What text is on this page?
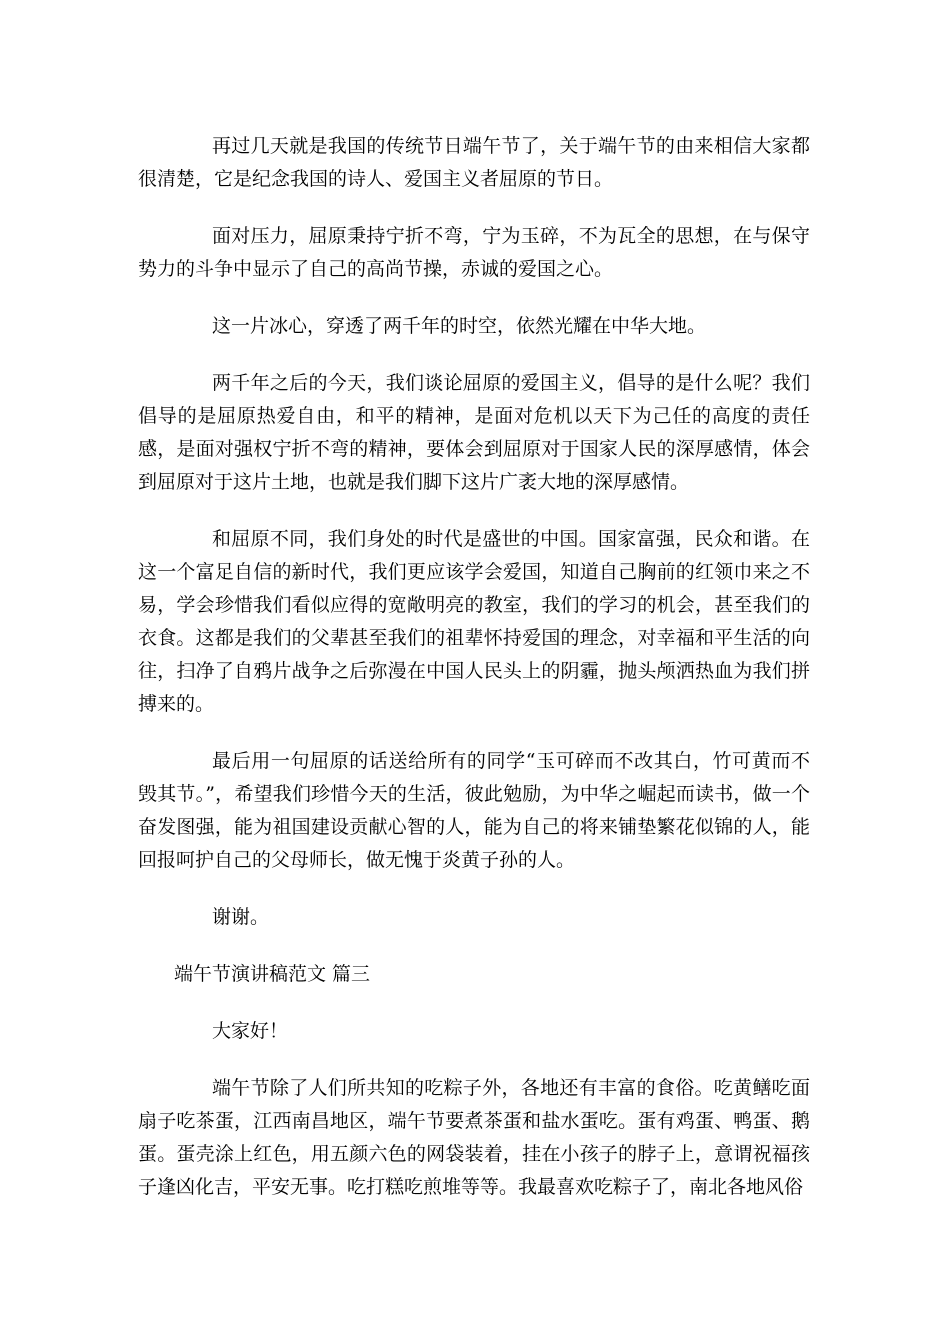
再过几天就是我国的传统节日端午节了，关于端午节的由来相信大家都很清楚，它是纪念我国的诗人、爱国主义者屈原的节日。

面对压力，屈原秉持宁折不弯，宁为玉碎，不为瓦全的思想，在与保守势力的斗争中显示了自己的高尚节操，赤诚的爱国之心。

这一片冰心，穿透了两千年的时空，依然光耀在中华大地。

两千年之后的今天，我们谈论屈原的爱国主义，倡导的是什么呢？我们倡导的是屈原热爱自由，和平的精神，是面对危机以天下为己任的高度的责任感，是面对强权宁折不弯的精神，要体会到屈原对于国家人民的深厚感情，体会到屈原对于这片土地，也就是我们脚下这片广袤大地的深厚感情。

和屈原不同，我们身处的时代是盛世的中国。国家富强，民众和谐。在这一个富足自信的新时代，我们更应该学会爱国，知道自己胸前的红领巾来之不易，学会珍惜我们看似应得的宽敞明亮的教室，我们的学习的机会，甚至我们的衣食。这都是我们的父辈甚至我们的祖辈怀持爱国的理念，对幸福和平生活的向往，扫净了自鸦片战争之后弥漫在中国人民头上的阴霾，抛头颅洒热血为我们拼搏来的。

最后用一句屈原的话送给所有的同学“玉可碎而不改其白，竹可黄而不毁其节。”，希望我们珍惜今天的生活，彼此勉励，为中华之崛起而读书，做一个奋发图强，能为祖国建设贡献心智的人，能为自己的将来铺垫繁花似锦的人，能回报呵护自己的父母师长，做无愧于炎黄子孙的人。

谢谢。

端午节演讲稿范文 篇三

大家好！

端午节除了人们所共知的吃粽子外，各地还有丰富的食俗。吃黄鳝吃面扇子吃茶蛋，江西南昌地区，端午节要煮茶蛋和盐水蛋吃。蛋有鸡蛋、鸭蛋、鹅蛋。蛋壳涂上红色，用五颜六色的网袋装着，挂在小孩子的脖子上，意谓祝福孩子逢凶化吉，平安无事。吃打糕吃煎堆等等。我最喜欢吃粽子了，南北各地风俗
